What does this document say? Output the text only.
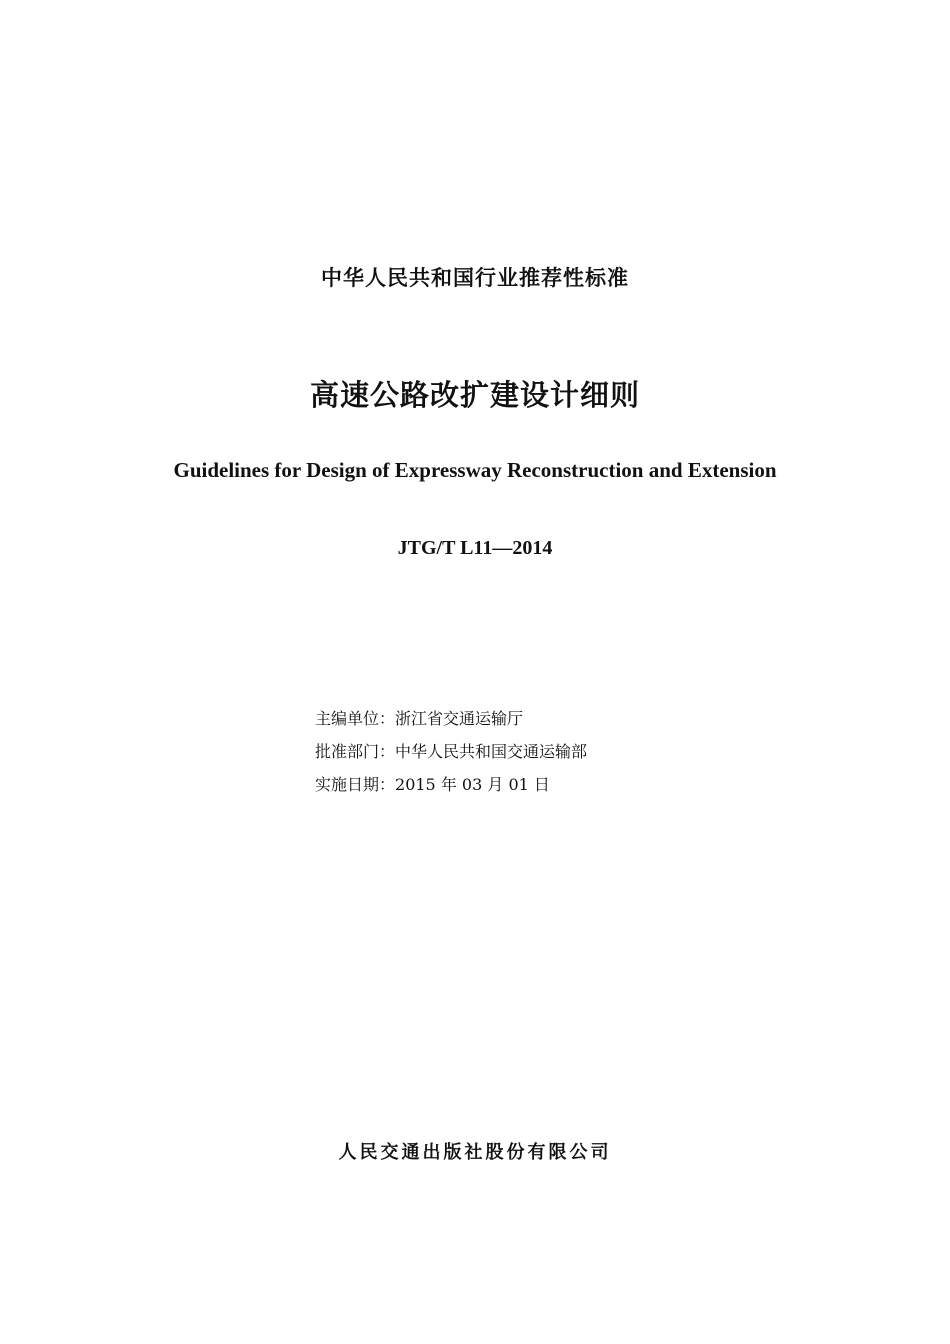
中华人民共和国行业推荐性标准
高速公路改扩建设计细则
Guidelines for Design of Expressway Reconstruction and Extension
JTG/T L11—2014
主编单位：浙江省交通运输厅
批准部门：中华人民共和国交通运输部
实施日期：2015 年 03 月 01 日
人民交通出版社股份有限公司
